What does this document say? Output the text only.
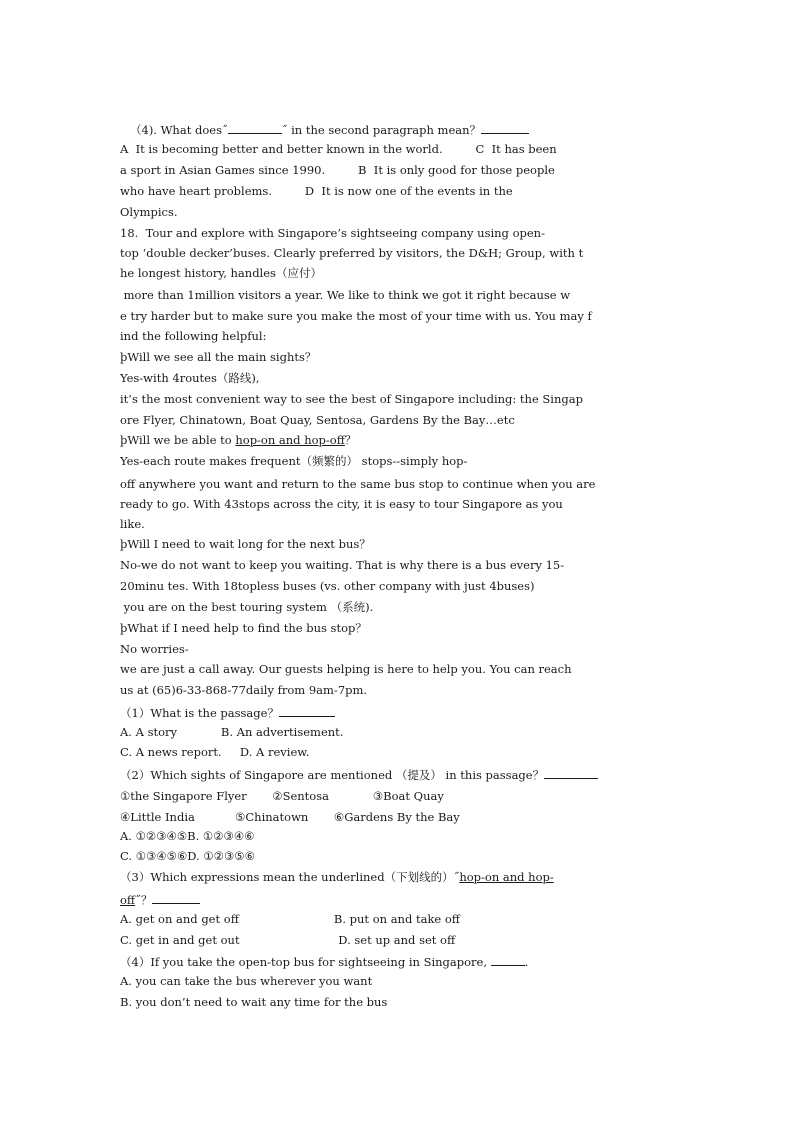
（4). What does˝	˝ in the second paragraph mean？
A  It is becoming better and better known in the world.         C  It has been
a sport in Asian Games since 1990.         B  It is only good for those people
who have heart problems.         D  It is now one of the events in the
Olympics.
18.  Tour and explore with Singapore’s sightseeing company using open-
top ‘double decker’buses. Clearly preferred by visitors, the D&H; Group, with t
he longest history, handles（应付）
more than 1million visitors a year. We like to think we got it right because w
e try harder but to make sure you make the most of your time with us. You may f
ind the following helpful:
þWill we see all the main sights？
Yes-with 4routes（路线),
it’s the most convenient way to see the best of Singapore including: the Singap
ore Flyer, Chinatown, Boat Quay, Sentosa, Gardens By the Bay…etc
þWill we be able to hop-on and hop-off？
Yes-each route makes frequent（频繁的） stops--simply hop-
off anywhere you want and return to the same bus stop to continue when you are
ready to go. With 43stops across the city, it is easy to tour Singapore as you
like.
þWill I need to wait long for the next bus？
No-we do not want to keep you waiting. That is why there is a bus every 15-
20minu tes. With 18topless buses (vs. other company with just 4buses)
you are on the best touring system （系统).
þWhat if I need help to find the bus stop？
No worries-
we are just a call away. Our guests helping is here to help you. You can reach
us at (65)6-33-868-77daily from 9am-7pm.
（1）What is the passage？
A. A story            B. An advertisement.
C. A news report.     D. A review.
（2）Which sights of Singapore are mentioned （提及） in this passage？
①the Singapore Flyer       ②Sentosa            ③Boat Quay
④Little India           ⑤Chinatown       ⑥Gardens By the Bay
A. ①②③④⑤B. ①②③④⑥
C. ①③④⑤⑥D. ①②③⑤⑥
（3）Which expressions mean the underlined（下划线的）˝hop-on and hop-
off˝？
A. get on and get off                          B. put on and take off
C. get in and get out                           D. set up and set off
（4）If you take the open-top bus for sightseeing in Singapore,	.
A. you can take the bus wherever you want
B. you don’t need to wait any time for the bus
